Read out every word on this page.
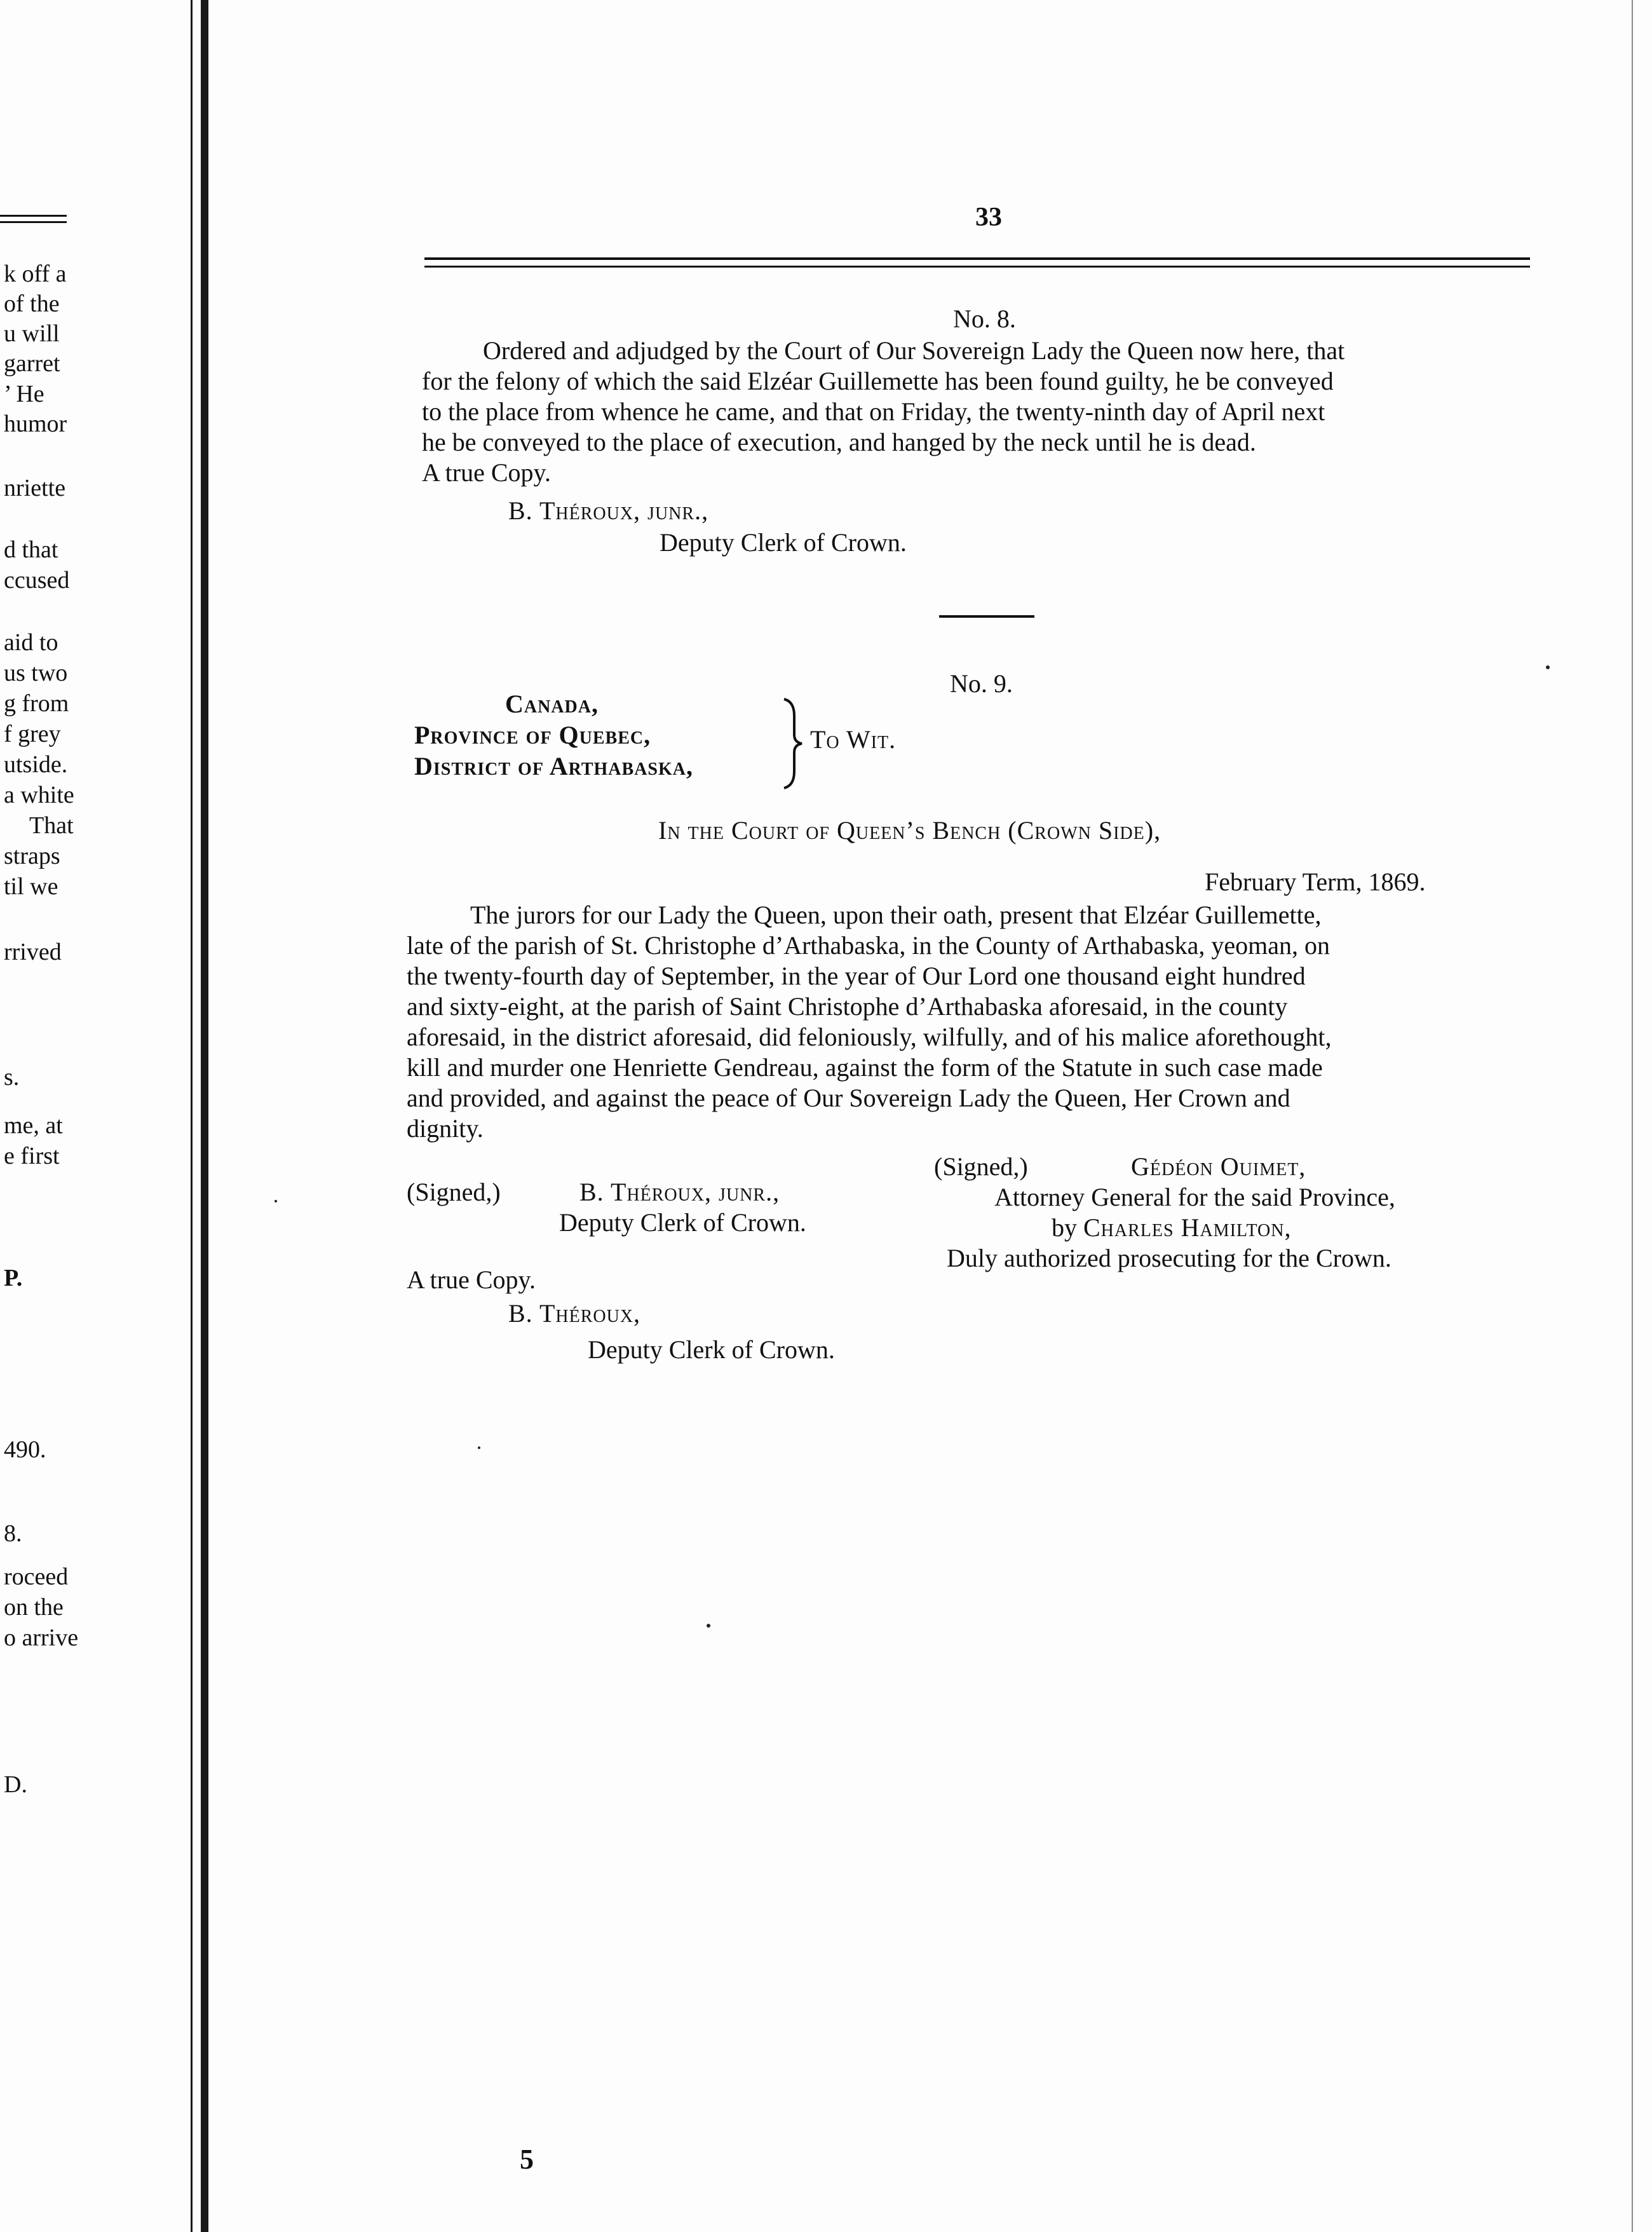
k off a
of the
u will
garret
’ He
humor
nriette
d that
ccused
aid to
us two
g from
f grey
utside.
a white
That
straps
til we
rrived
s.
me, at
e first
P.
490.
8.
roceed
on the
o arrive
D.
33
No. 8.
Ordered and adjudged by the Court of Our Sovereign Lady the Queen now here, that
for the felony of which the said Elzéar Guillemette has been found guilty, he be conveyed
to the place from whence he came, and that on Friday, the twenty-ninth day of April next
he be conveyed to the place of execution, and hanged by the neck until he is dead.
A true Copy.
B. Théroux, junr.,
Deputy Clerk of Crown.
No. 9.
Canada,
Province of Quebec,
District of Arthabaska,
To Wit.
In the Court of Queen’s Bench (Crown Side),
February Term, 1869.
The jurors for our Lady the Queen, upon their oath, present that Elzéar Guillemette,
late of the parish of St. Christophe d’Arthabaska, in the County of Arthabaska, yeoman, on
the twenty-fourth day of September, in the year of Our Lord one thousand eight hundred
and sixty-eight, at the parish of Saint Christophe d’Arthabaska aforesaid, in the county
aforesaid, in the district aforesaid, did feloniously, wilfully, and of his malice aforethought,
kill and murder one Henriette Gendreau, against the form of the Statute in such case made
and provided, and against the peace of Our Sovereign Lady the Queen, Her Crown and
dignity.
(Signed,)	B. Théroux, junr.,
Deputy Clerk of Crown.
(Signed,)	Gédéon Ouimet,
Attorney General for the said Province,
by Charles Hamilton,
Duly authorized prosecuting for the Crown.
A true Copy.
B. Théroux,
Deputy Clerk of Crown.
5
